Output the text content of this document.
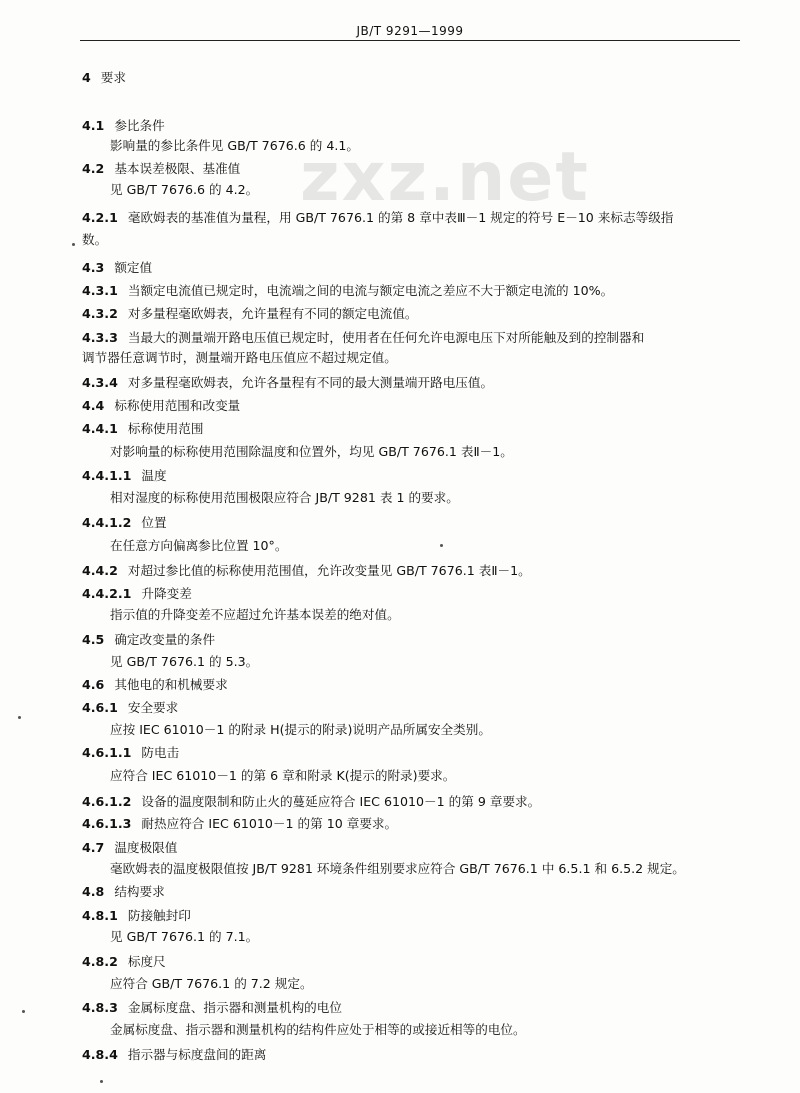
JB/T 9291—1999
zxz.net
4 要求
4.1 参比条件
影响量的参比条件见 GB/T 7676.6 的 4.1。
4.2 基本误差极限、基准值
见 GB/T 7676.6 的 4.2。
4.2.1 毫欧姆表的基准值为量程，用 GB/T 7676.1 的第 8 章中表Ⅲ－1 规定的符号 E－10 来标志等级指
数。
4.3 额定值
4.3.1 当额定电流值已规定时，电流端之间的电流与额定电流之差应不大于额定电流的 10%。
4.3.2 对多量程毫欧姆表，允许量程有不同的额定电流值。
4.3.3 当最大的测量端开路电压值已规定时，使用者在任何允许电源电压下对所能触及到的控制器和
调节器任意调节时，测量端开路电压值应不超过规定值。
4.3.4 对多量程毫欧姆表，允许各量程有不同的最大测量端开路电压值。
4.4 标称使用范围和改变量
4.4.1 标称使用范围
对影响量的标称使用范围除温度和位置外，均见 GB/T 7676.1 表Ⅱ－1。
4.4.1.1 温度
相对湿度的标称使用范围极限应符合 JB/T 9281 表 1 的要求。
4.4.1.2 位置
在任意方向偏离参比位置 10°。
4.4.2 对超过参比值的标称使用范围值，允许改变量见 GB/T 7676.1 表Ⅱ－1。
4.4.2.1 升降变差
指示值的升降变差不应超过允许基本误差的绝对值。
4.5 确定改变量的条件
见 GB/T 7676.1 的 5.3。
4.6 其他电的和机械要求
4.6.1 安全要求
应按 IEC 61010－1 的附录 H(提示的附录)说明产品所属安全类别。
4.6.1.1 防电击
应符合 IEC 61010－1 的第 6 章和附录 K(提示的附录)要求。
4.6.1.2 设备的温度限制和防止火的蔓延应符合 IEC 61010－1 的第 9 章要求。
4.6.1.3 耐热应符合 IEC 61010－1 的第 10 章要求。
4.7 温度极限值
毫欧姆表的温度极限值按 JB/T 9281 环境条件组别要求应符合 GB/T 7676.1 中 6.5.1 和 6.5.2 规定。
4.8 结构要求
4.8.1 防接触封印
见 GB/T 7676.1 的 7.1。
4.8.2 标度尺
应符合 GB/T 7676.1 的 7.2 规定。
4.8.3 金属标度盘、指示器和测量机构的电位
金属标度盘、指示器和测量机构的结构件应处于相等的或接近相等的电位。
4.8.4 指示器与标度盘间的距离
